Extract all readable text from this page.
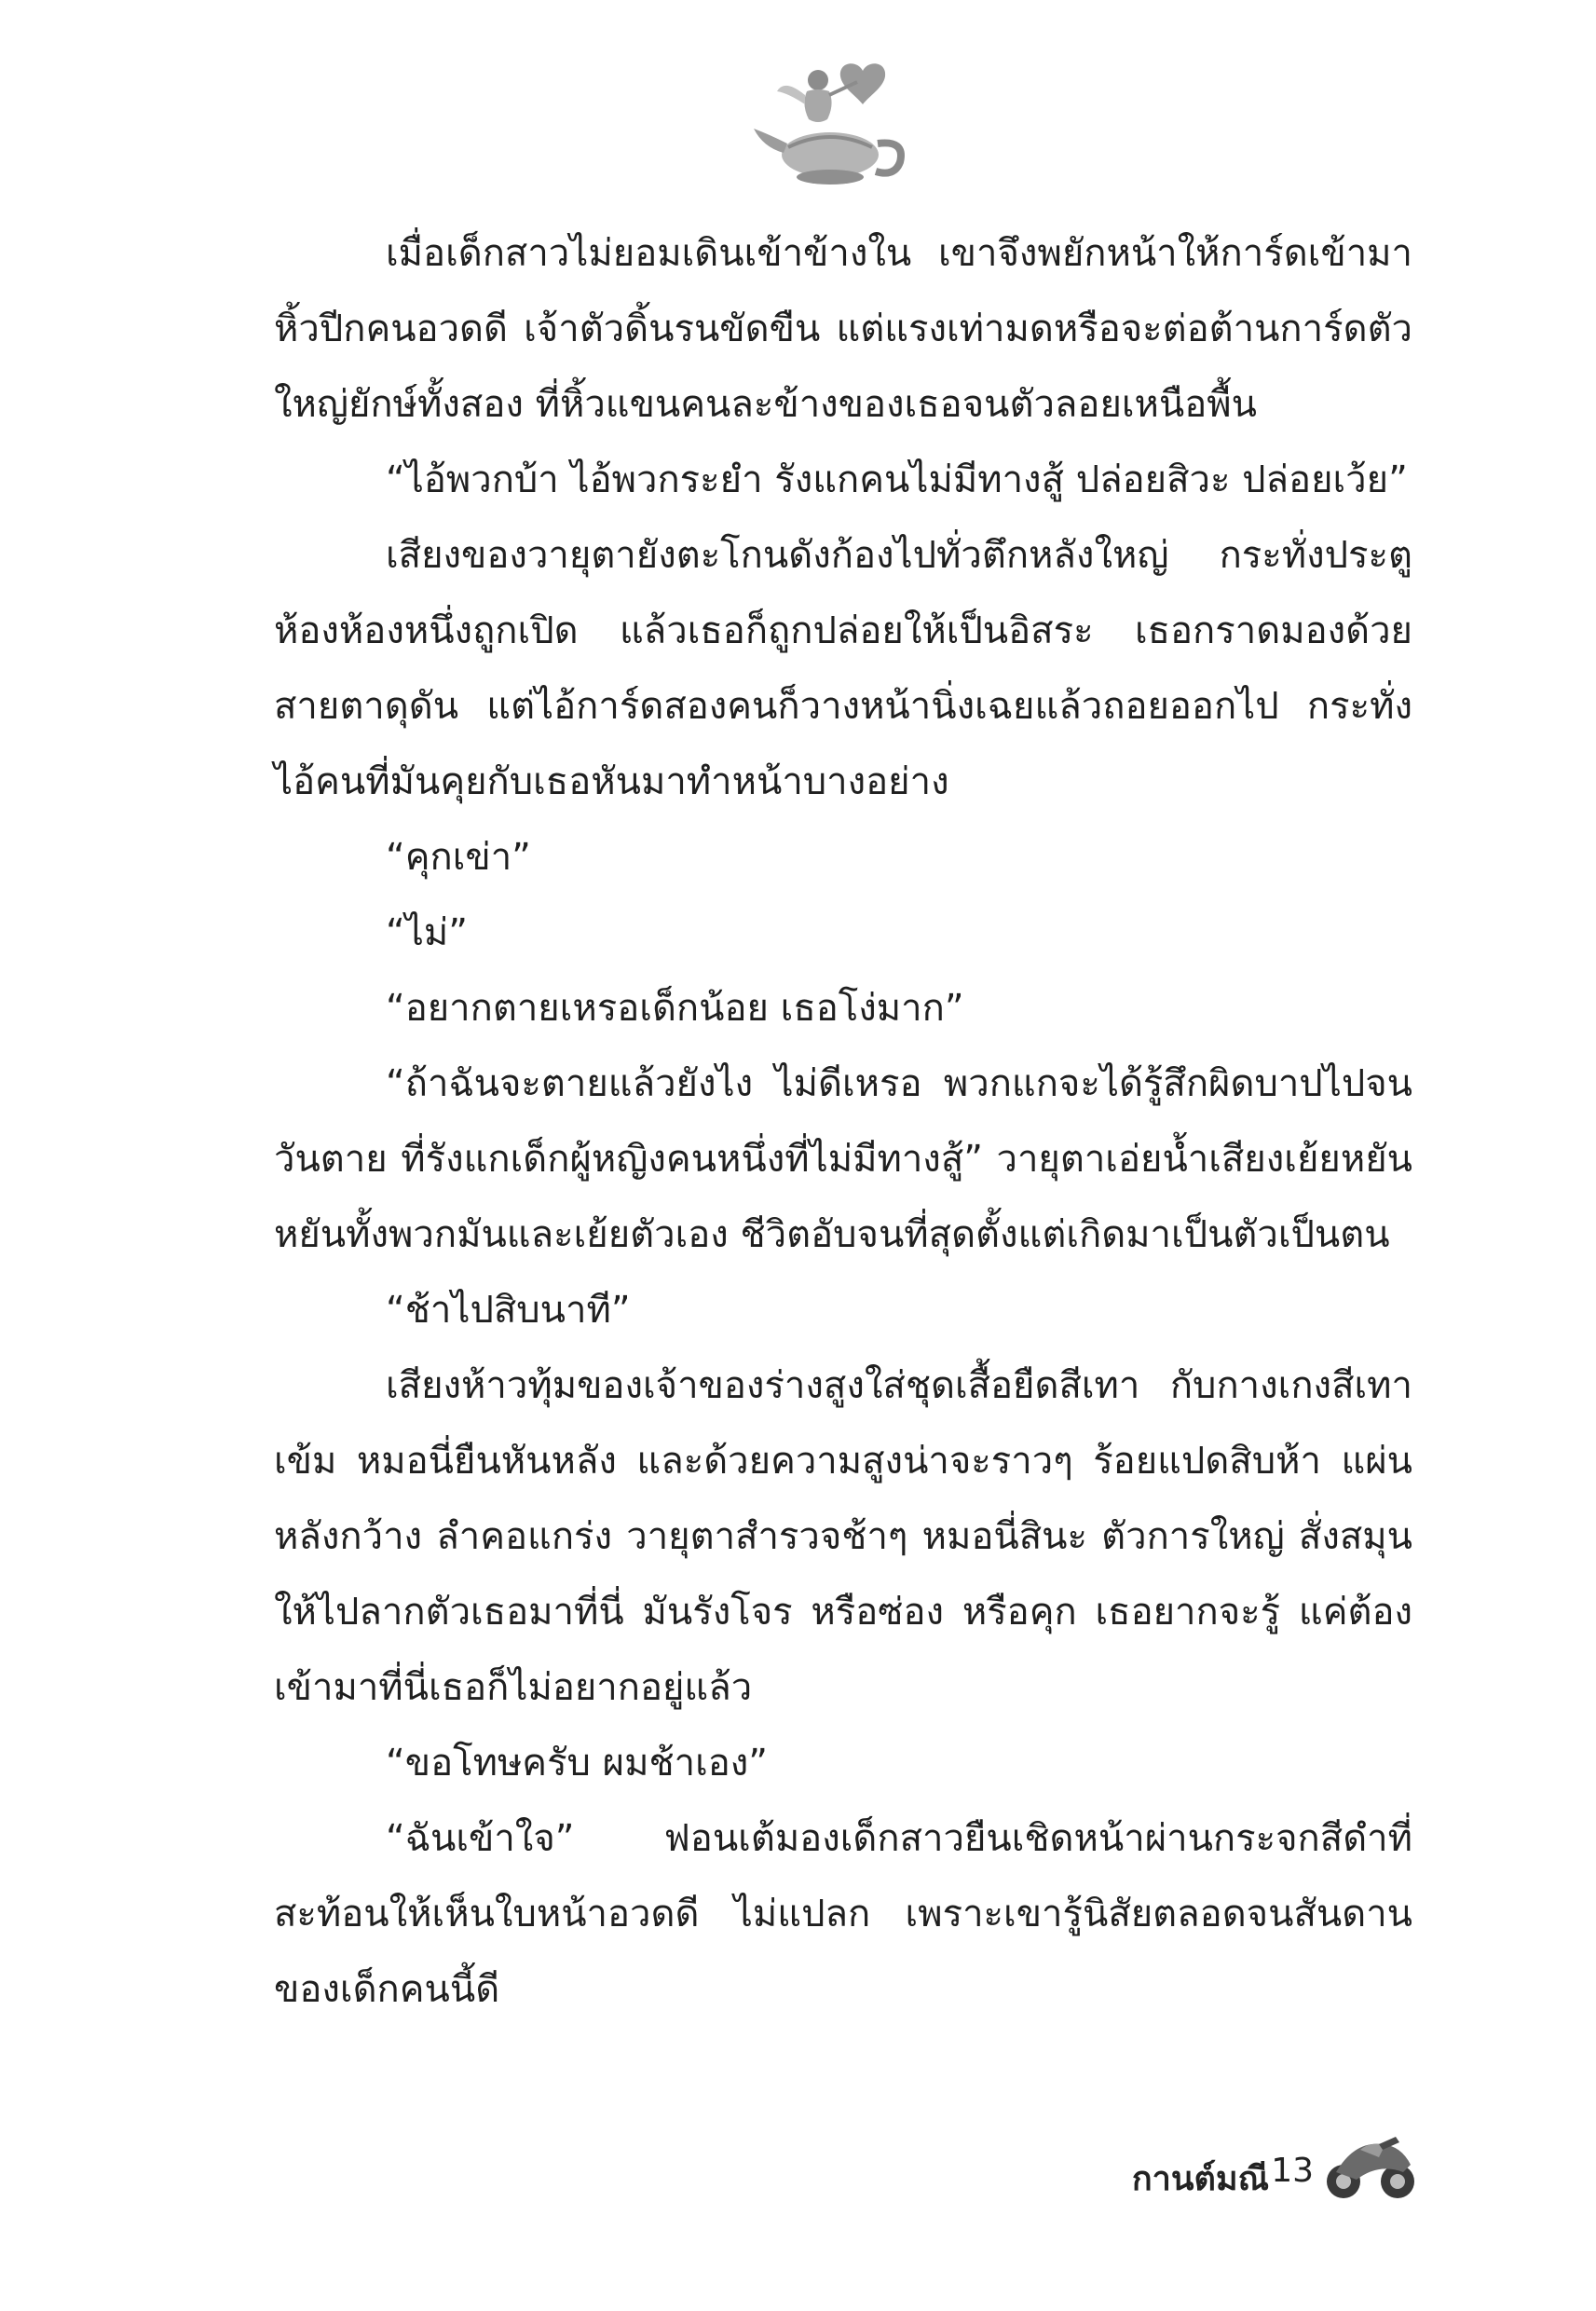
เมื่อเด็กสาวไม่ยอมเดินเข้าข้างใน เขาจึงพยักหน้าให้การ์ดเข้ามาหิ้วปีกคนอวดดี เจ้าตัวดิ้นรนขัดขืน แต่แรงเท่ามดหรือจะต่อต้านการ์ดตัวใหญ่ยักษ์ทั้งสอง ที่หิ้วแขนคนละข้างของเธอจนตัวลอยเหนือพื้น

“ไอ้พวกบ้า ไอ้พวกระยำ รังแกคนไม่มีทางสู้ ปล่อยสิวะ ปล่อยเว้ย”

เสียงของวายุตายังตะโกนดังก้องไปทั่วตึกหลังใหญ่ กระทั่งประตูห้องห้องหนึ่งถูกเปิด แล้วเธอก็ถูกปล่อยให้เป็นอิสระ เธอกราดมองด้วยสายตาดุดัน แต่ไอ้การ์ดสองคนก็วางหน้านิ่งเฉยแล้วถอยออกไป กระทั่งไอ้คนที่มันคุยกับเธอหันมาทำหน้าบางอย่าง

“คุกเข่า”

“ไม่”

“อยากตายเหรอเด็กน้อย เธอโง่มาก”

“ถ้าฉันจะตายแล้วยังไง ไม่ดีเหรอ พวกแกจะได้รู้สึกผิดบาปไปจนวันตาย ที่รังแกเด็กผู้หญิงคนหนึ่งที่ไม่มีทางสู้” วายุตาเอ่ยน้ำเสียงเย้ยหยัน หยันทั้งพวกมันและเย้ยตัวเอง ชีวิตอับจนที่สุดตั้งแต่เกิดมาเป็นตัวเป็นตน

“ช้าไปสิบนาที”

เสียงห้าวทุ้มของเจ้าของร่างสูงใส่ชุดเสื้อยืดสีเทา กับกางเกงสีเทาเข้ม หมอนี่ยืนหันหลัง และด้วยความสูงน่าจะราวๆ ร้อยแปดสิบห้า แผ่นหลังกว้าง ลำคอแกร่ง วายุตาสำรวจช้าๆ หมอนี่สินะ ตัวการใหญ่ สั่งสมุนให้ไปลากตัวเธอมาที่นี่ มันรังโจร หรือซ่อง หรือคุก เธอยากจะรู้ แค่ต้องเข้ามาที่นี่เธอก็ไม่อยากอยู่แล้ว

“ขอโทษครับ ผมช้าเอง”

“ฉันเข้าใจ” ฟอนเต้มองเด็กสาวยืนเชิดหน้าผ่านกระจกสีดำที่สะท้อนให้เห็นใบหน้าอวดดี ไม่แปลก เพราะเขารู้นิสัยตลอดจนสันดานของเด็กคนนี้ดี

กานต์มณี 13
